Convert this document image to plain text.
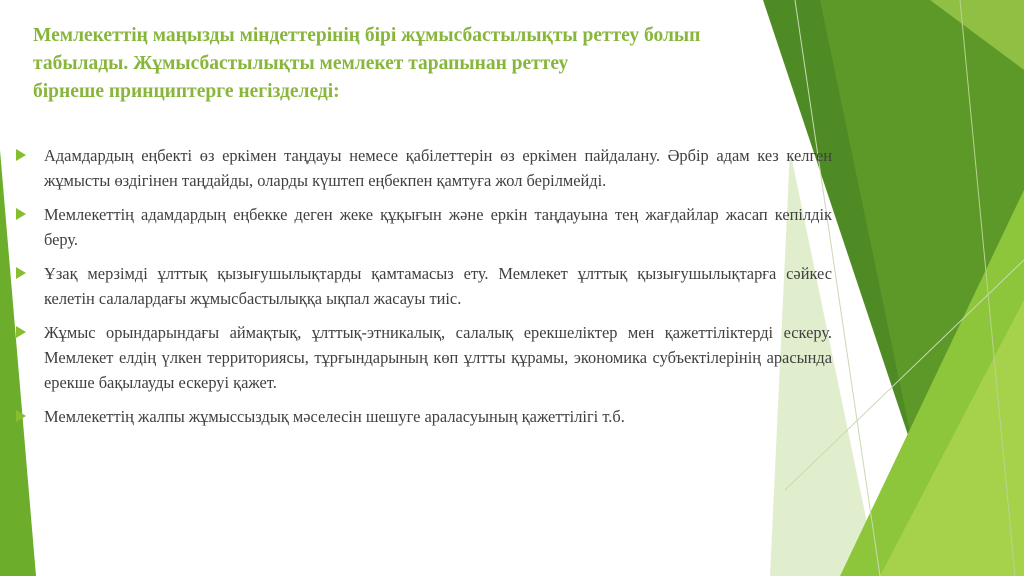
Мемлекеттің маңызды міндеттерінің бірі жұмысбастылықты реттеу болып
табылады. Жұмысбастылықты мемлекет тарапынан реттеу
бірнеше принциптерге негізделеді:
Адамдардың еңбекті өз еркімен таңдауы немесе қабілеттерін өз еркімен пайдалану. Әрбір адам кез келген жұмысты өздігінен таңдайды, оларды күштеп еңбекпен қамтуға жол берілмейді.
Мемлекеттің адамдардың еңбекке деген жеке құқығын және еркін таңдауына тең жағдайлар жасап кепілдік беру.
Ұзақ мерзімді ұлттық қызығушылықтарды қамтамасыз ету. Мемлекет ұлттық қызығушылықтарға сәйкес келетін салалардағы жұмысбастылыққа ықпал жасауы тиіс.
Жұмыс орындарындағы аймақтық, ұлттық-этникалық, салалық ерекшеліктер мен қажеттіліктерді ескеру. Мемлекет елдің үлкен территориясы, тұрғындарының көп ұлтты құрамы, экономика субъектілерінің арасында ерекше бақылауды ескеруі қажет.
Мемлекеттің жалпы жұмыссыздық мәселесін шешуге араласуының қажеттілігі т.б.
